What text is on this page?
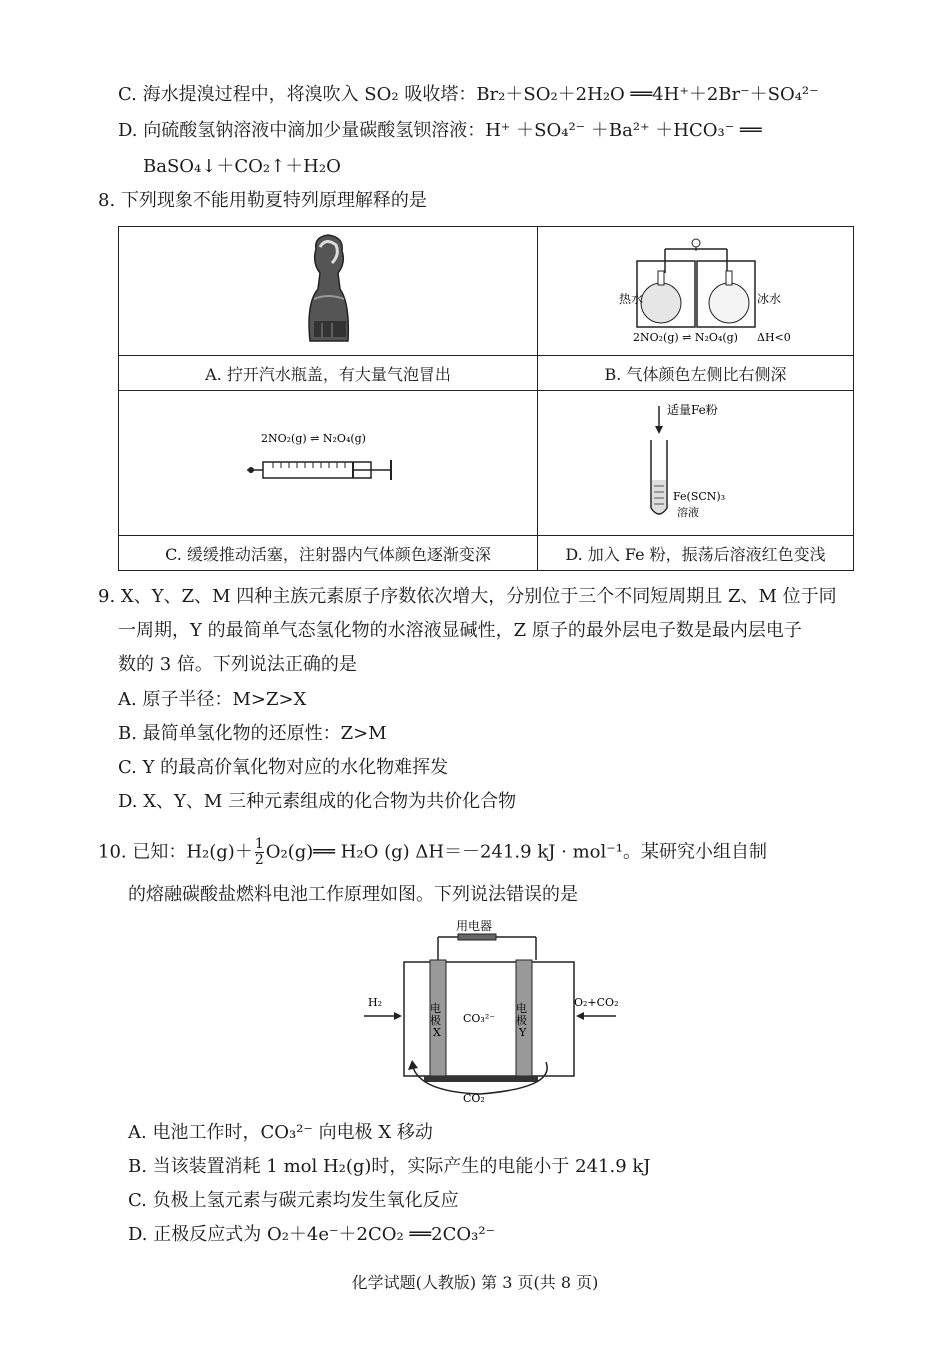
C. 海水提溴过程中，将溴吹入 SO₂ 吸收塔：Br₂＋SO₂＋2H₂O ══4H⁺＋2Br⁻＋SO₄²⁻
D. 向硫酸氢钠溶液中滴加少量碳酸氢钡溶液：H⁺ ＋SO₄²⁻ ＋Ba²⁺ ＋HCO₃⁻ ══
BaSO₄↓＋CO₂↑＋H₂O
8. 下列现象不能用勒夏特列原理解释的是

热水 冰水
2NO₂(g) ⇌ N₂O₄(g) ΔH<0

A. 拧开汽水瓶盖，有大量气泡冒出	B. 气体颜色左侧比右侧深

2NO₂(g) ⇌ N₂O₄(g)	适量Fe粉
Fe(SCN)₃
溶液

C. 缓缓推动活塞，注射器内气体颜色逐渐变深	D. 加入 Fe 粉，振荡后溶液红色变浅
9. X、Y、Z、M 四种主族元素原子序数依次增大，分别位于三个不同短周期且 Z、M 位于同
一周期，Y 的最简单气态氢化物的水溶液显碱性，Z 原子的最外层电子数是最内层电子
数的 3 倍。下列说法正确的是
A. 原子半径：M>Z>X
B. 最简单氢化物的还原性：Z>M
C. Y 的最高价氧化物对应的水化物难挥发
D. X、Y、M 三种元素组成的化合物为共价化合物
10. 已知：$H_2(g)+ \frac{1}{2}$ O₂(g)══ H₂O (g) ΔH＝－241.9 kJ · mol⁻¹。某研究小组自制
的熔融碳酸盐燃料电池工作原理如图。下列说法错误的是
用电器
电
极
X
电
极
Y
CO₃²⁻
H₂	O₂+CO₂
CO₂
A. 电池工作时，CO₃²⁻ 向电极 X 移动
B. 当该装置消耗 1 mol H₂(g)时，实际产生的电能小于 241.9 kJ
C. 负极上氢元素与碳元素均发生氧化反应
D. 正极反应式为 O₂＋4e⁻＋2CO₂ ══2CO₃²⁻
化学试题(人教版) 第 3 页(共 8 页)
